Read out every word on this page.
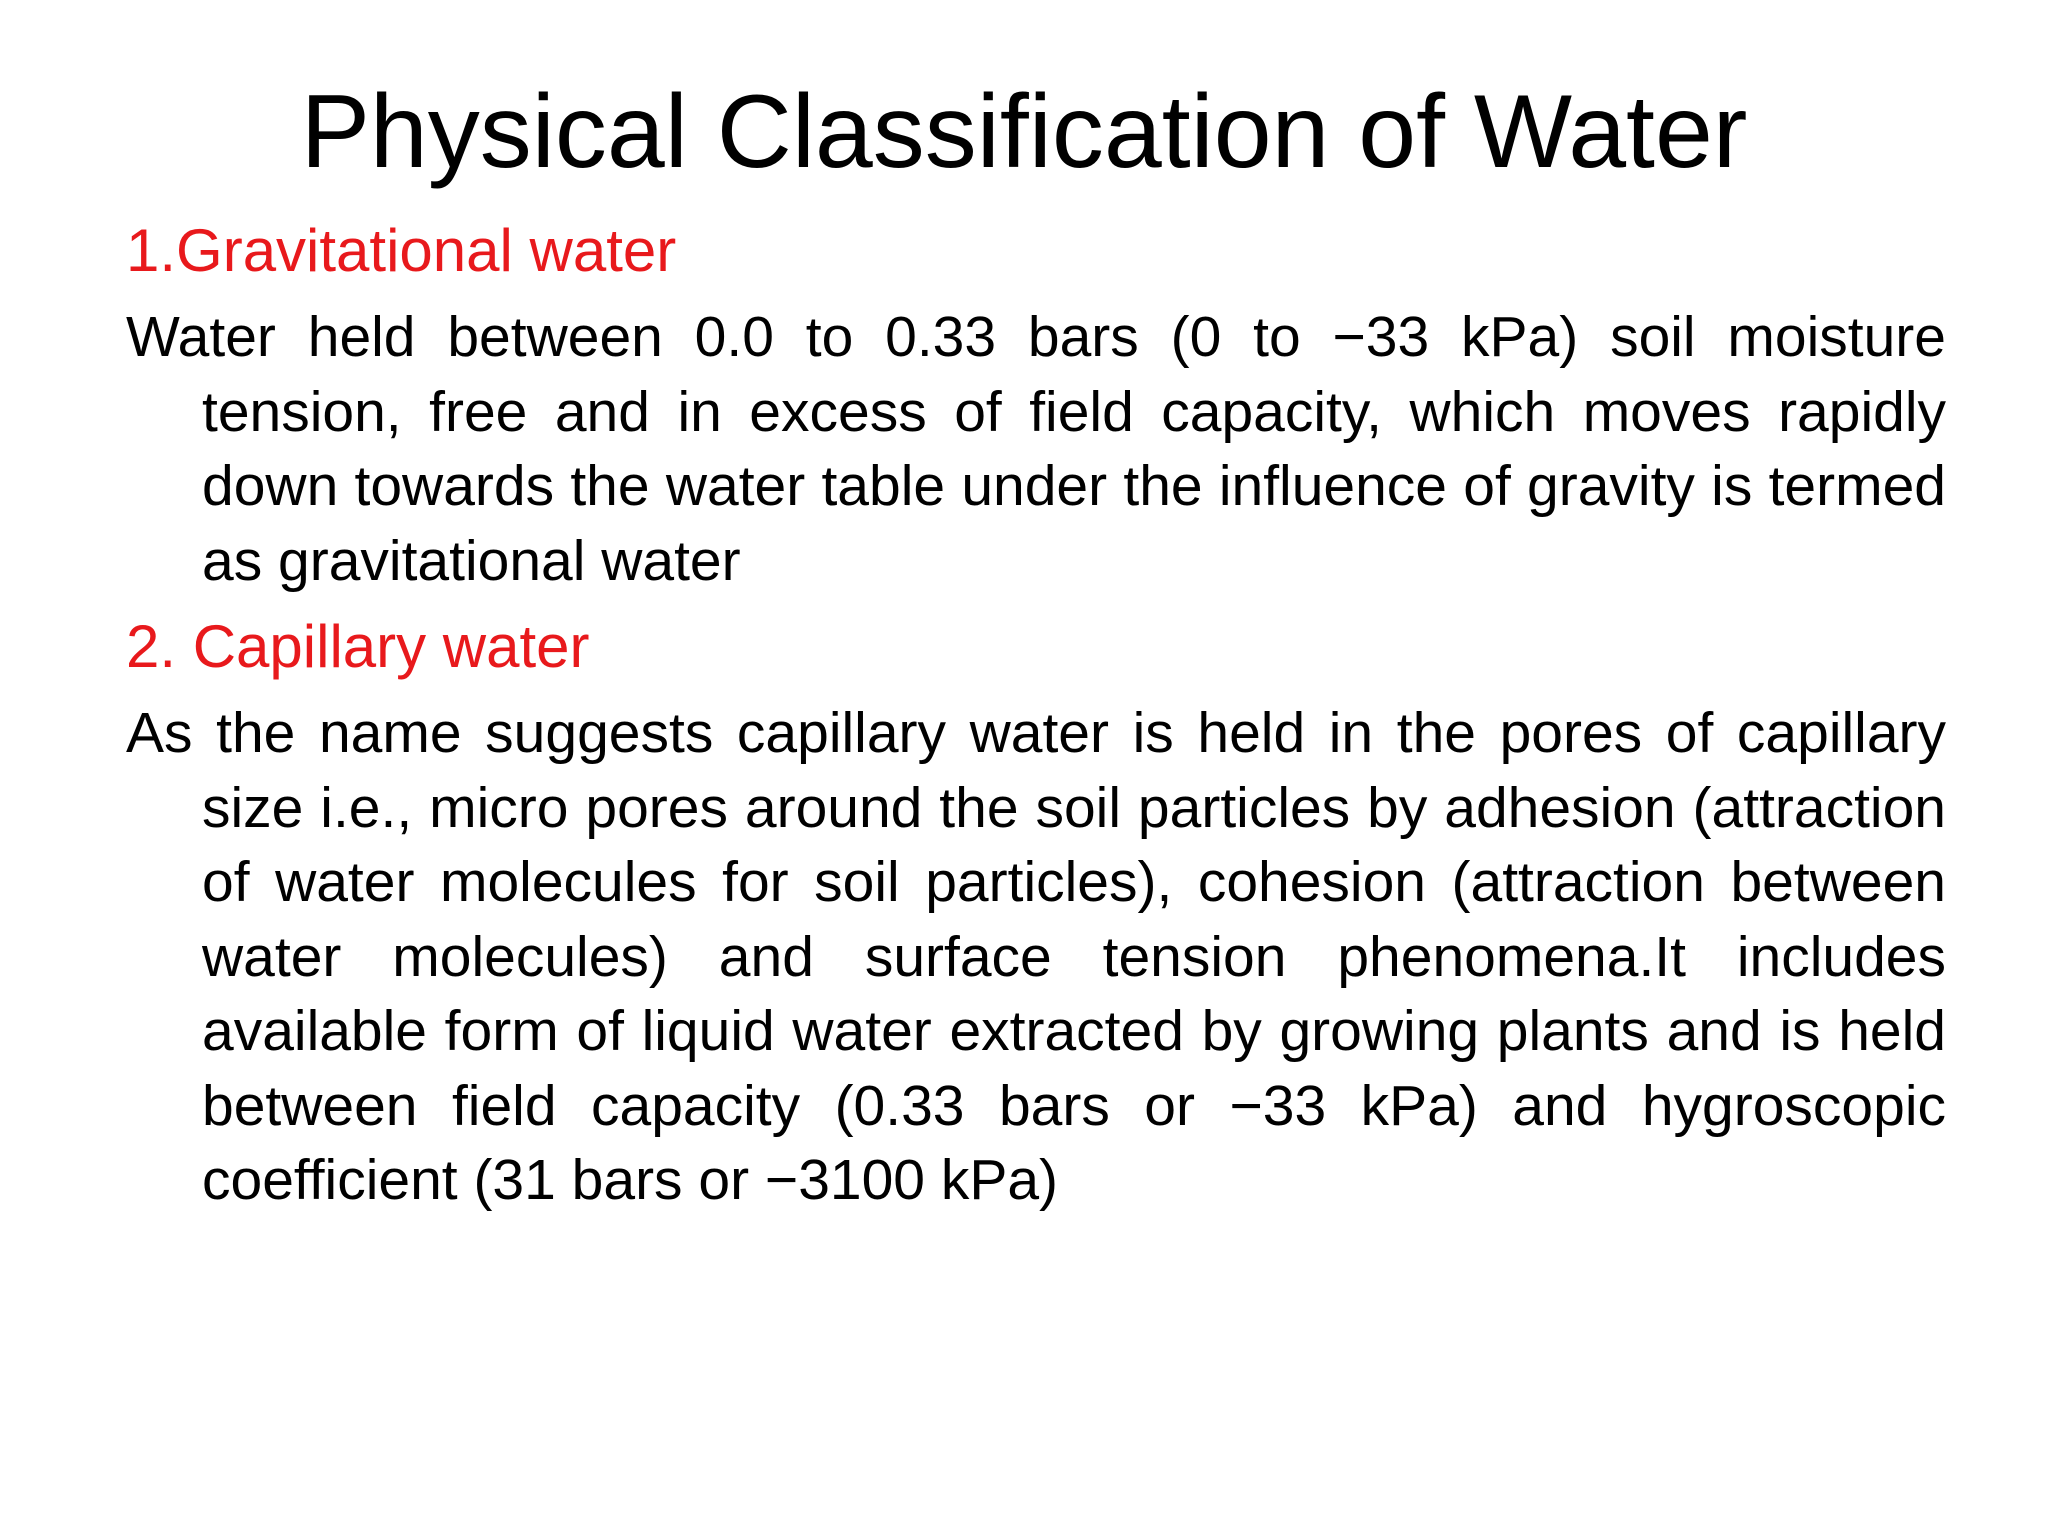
Physical Classification of Water
1.Gravitational water

Water held between 0.0 to 0.33 bars (0 to −33 kPa) soil moisture tension, free and in excess of field capacity, which moves rapidly down towards the water table under the influence of gravity is termed as gravitational water

2. Capillary water

As the name suggests capillary water is held in the pores of capillary size i.e., micro pores around the soil particles by adhesion (attraction of water molecules for soil particles), cohesion (attraction between water molecules) and surface tension phenomena.It includes available form of liquid water extracted by growing plants and is held between field capacity (0.33 bars or −33 kPa) and hygroscopic coefficient (31 bars or −3100 kPa)
